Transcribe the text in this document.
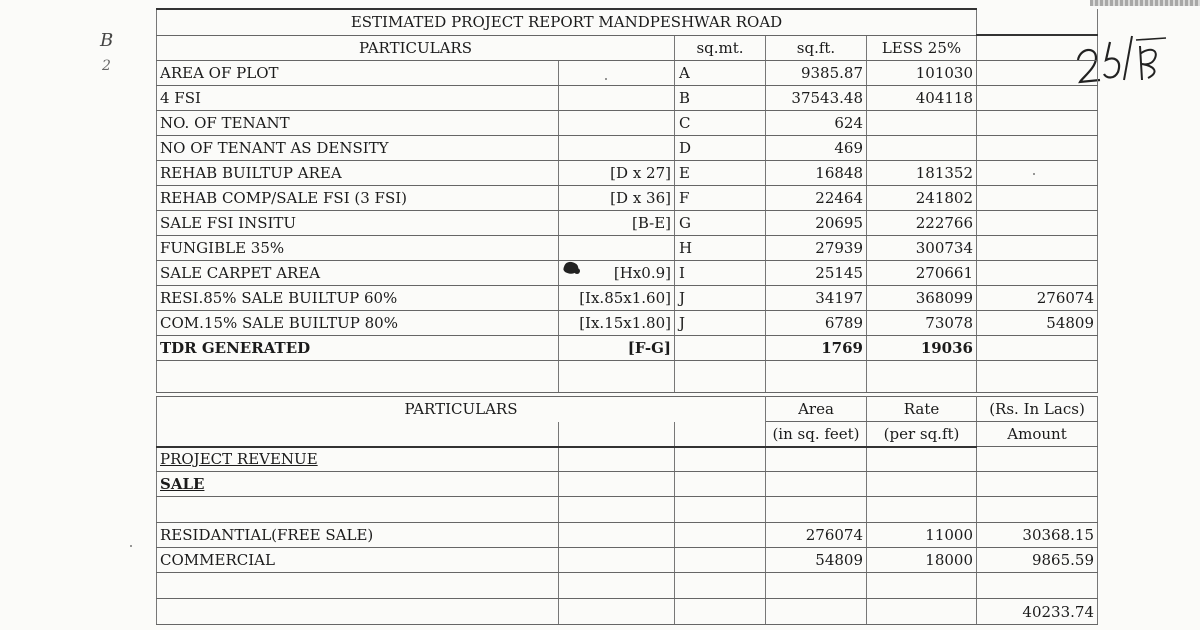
B
2
ESTIMATED PROJECT REPORT MANDPESHWAR ROAD					
PARTICULARS		sq.mt.	sq.ft.	LESS 25%	
AREA OF PLOT		A	9385.87	101030	
4 FSI		B	37543.48	404118	
NO. OF TENANT		C	624		
NO OF TENANT AS DENSITY		D	469		
REHAB BUILTUP AREA	[D x 27]	E	16848	181352	
REHAB COMP/SALE FSI (3 FSI)	[D x 36]	F	22464	241802	
SALE FSI INSITU	[B-E]	G	20695	222766	
FUNGIBLE 35%		H	27939	300734	
SALE CARPET AREA	[Hx0.9]	I	25145	270661	
RESI.85% SALE BUILTUP 60%	[Ix.85x1.60]	J	34197	368099	276074
COM.15% SALE BUILTUP 80%	[Ix.15x1.80]	J	6789	73078	54809
TDR GENERATED	[F-G]		1769	19036	

PARTICULARS			Area	Rate	(Rs. In Lacs)
			(in sq. feet)	(per sq.ft)	Amount
PROJECT REVENUE					
SALE					

RESIDANTIAL(FREE SALE)			276074	11000	30368.15
COMMERCIAL			54809	18000	9865.59

					40233.74
